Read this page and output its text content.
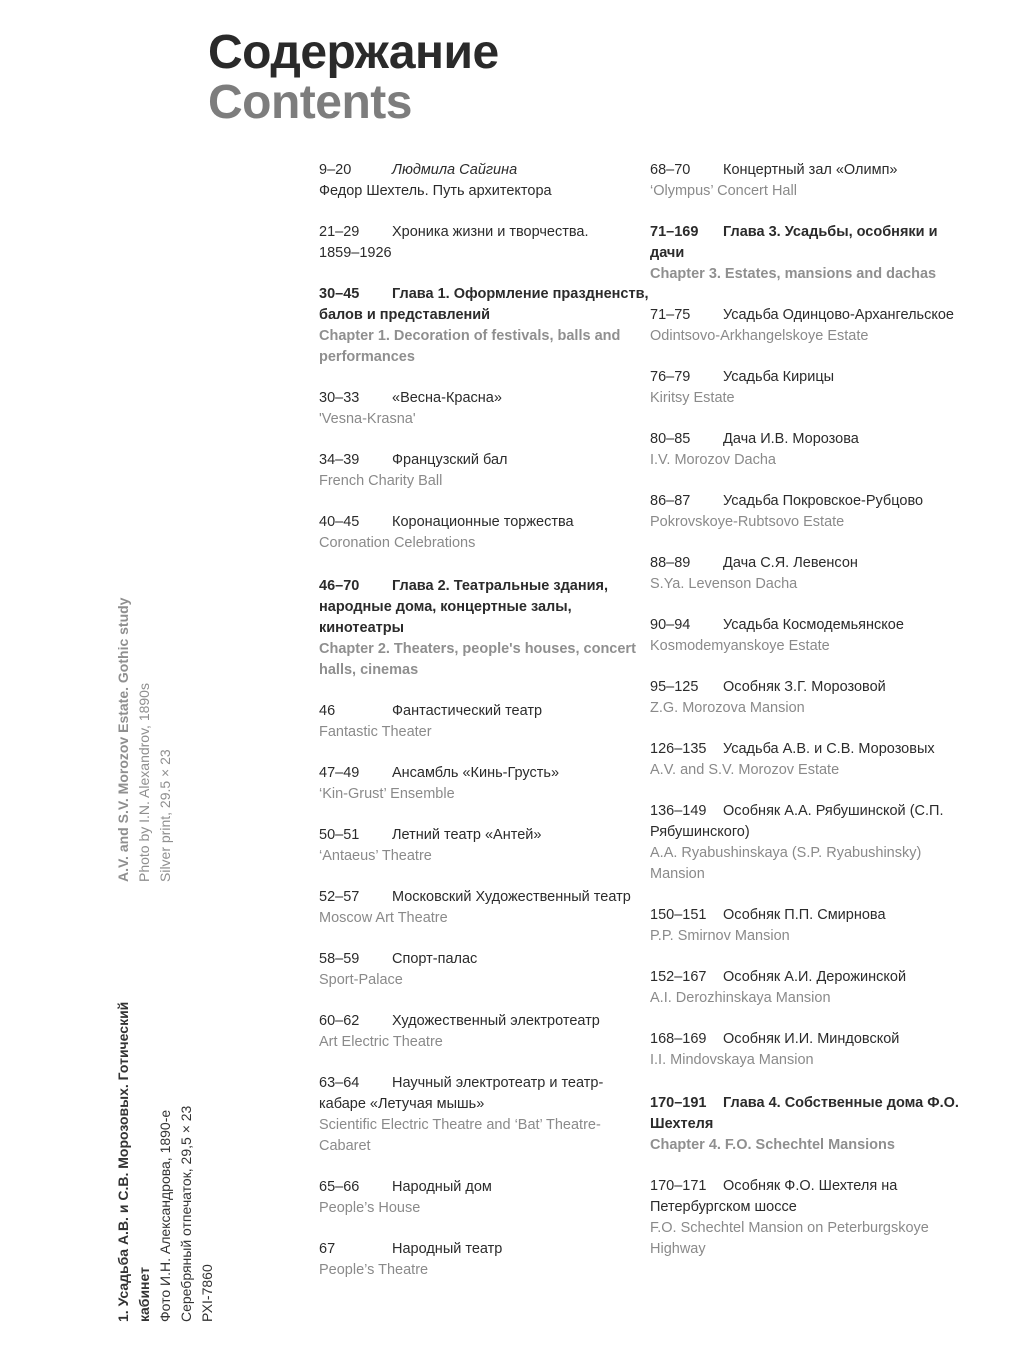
Содержание
Contents
9–20	Людмила Сайгина
Федор Шехтель. Путь архитектора
21–29 Хроника жизни и творчества.
1859–1926
30–45 Глава 1. Оформление праздненств, балов и представлений
Chapter 1. Decoration of festivals, balls and performances
30–33 «Весна-Красна»
'Vesna-Krasna'
34–39 Французский бал
French Charity Ball
40–45 Коронационные торжества
Coronation Celebrations
46–70 Глава 2. Театральные здания, народные дома, концертные залы, кинотеатры
Chapter 2. Theaters, people's houses, concert halls, cinemas
46	Фантастический театр
Fantastic Theater
47–49 Ансамбль «Кинь-Грусть»
‘Kin-Grust’ Ensemble
50–51 Летний театр «Антей»
‘Antaeus’ Theatre
52–57 Московский Художественный театр
Moscow Art Theatre
58–59 Спорт-палас
Sport-Palace
60–62 Художественный электротеатр
Art Electric Theatre
63–64 Научный электротеатр и театр-кабаре «Летучая мышь»
Scientific Electric Theatre and ‘Bat’ Theatre-Cabaret
65–66 Народный дом
People’s House
67	Народный театр
People’s Theatre
68–70 Концертный зал «Олимп»
‘Olympus’ Concert Hall
71–169 Глава 3. Усадьбы, особняки и дачи
Chapter 3. Estates, mansions and dachas
71–75 Усадьба Одинцово-Архангельское
Odintsovo-Arkhangelskoye Estate
76–79 Усадьба Кирицы
Kiritsy Estate
80–85 Дача И.В. Морозова
I.V. Morozov Dacha
86–87 Усадьба Покровское-Рубцово
Pokrovskoye-Rubtsovo Estate
88–89 Дача С.Я. Левенсон
S.Ya. Levenson Dacha
90–94 Усадьба Космодемьянское
Kosmodemyanskoye Estate
95–125 Особняк З.Г. Морозовой
Z.G. Morozova Mansion
126–135 Усадьба А.В. и С.В. Морозовых
A.V. and S.V. Morozov Estate
136–149 Особняк А.А. Рябушинской (С.П. Рябушинского)
A.A. Ryabushinskaya (S.P. Ryabushinsky) Mansion
150–151 Особняк П.П. Смирнова
P.P. Smirnov Mansion
152–167 Особняк А.И. Дерожинской
A.I. Derozhinskaya Mansion
168–169 Особняк И.И. Миндовской
I.I. Mindovskaya Mansion
170–191 Глава 4. Собственные дома Ф.О. Шехтеля
Chapter 4. F.O. Schechtel Mansions
170–171 Особняк Ф.О. Шехтеля на Петербургском шоссе
F.O. Schechtel Mansion on Peterburgskoye Highway
A.V. and S.V. Morozov Estate. Gothic study Photo by I.N. Alexandrov, 1890s Silver print, 29.5 × 23
1. Усадьба А.В. и С.В. Морозовых. Готический кабинет Фото И.Н. Александрова, 1890-е Серебряный отпечаток, 29,5 × 23 РХI-7860
